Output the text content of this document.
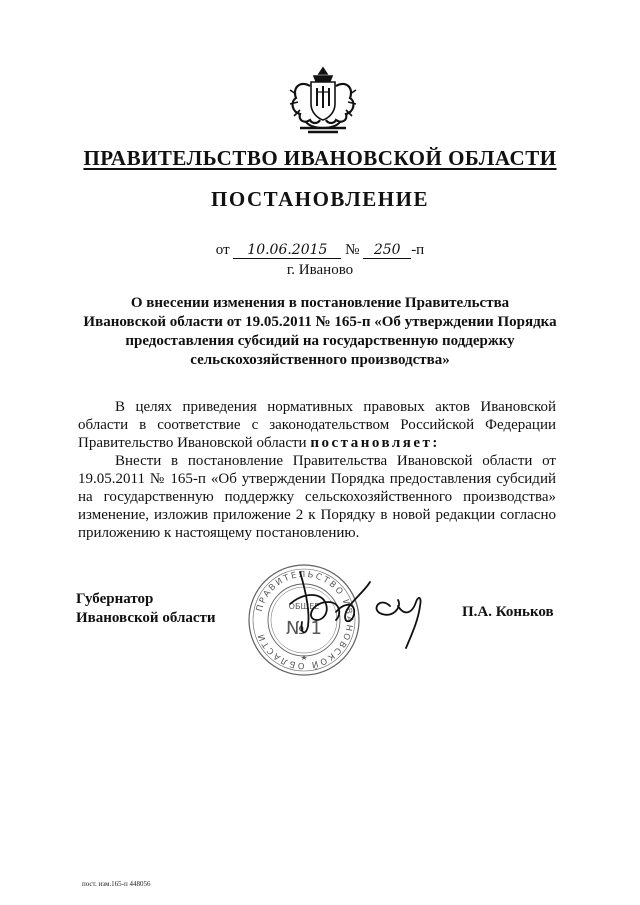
ПРАВИТЕЛЬСТВО ИВАНОВСКОЙ ОБЛАСТИ
ПОСТАНОВЛЕНИЕ
от 10.06.2015 № 250 -п
г. Иваново
О внесении изменения в постановление Правительства
Ивановской области от 19.05.2011 № 165-п «Об утверждении Порядка
предоставления субсидий на государственную поддержку
сельскохозяйственного производства»

В целях приведения нормативных правовых актов Ивановской области в соответствие с законодательством Российской Федерации Правительство Ивановской области постановляет:

Внести в постановление Правительства Ивановской области от 19.05.2011 № 165-п «Об утверждении Порядка предоставления субсидий на государственную поддержку сельскохозяйственного производства» изменение, изложив приложение 2 к Порядку в новой редакции согласно приложению к настоящему постановлению.

Губернатор
Ивановской области	П.А. Коньков
ПРАВИТЕЛЬСТВО ИВАНОВСКОЙ ОБЛАСТИ
ОБЩЕЕ
№ 1
пост. изм.165-п 448056
